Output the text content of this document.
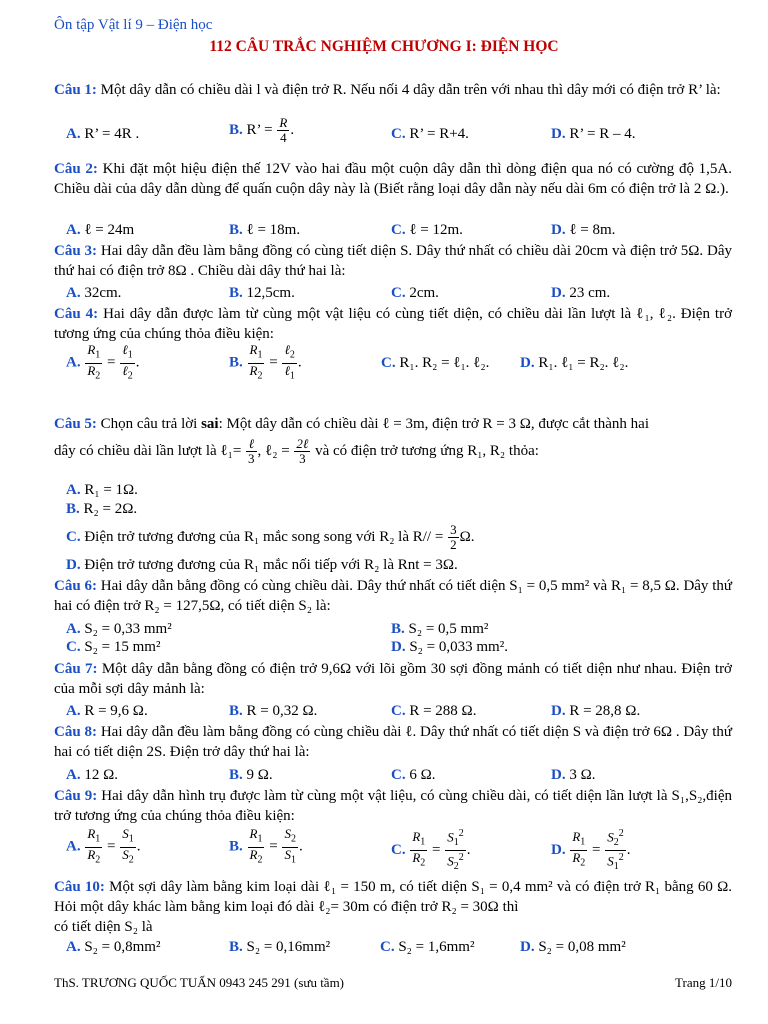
Ôn tập Vật lí 9 – Điện học
112 CÂU TRẮC NGHIỆM CHƯƠNG I: ĐIỆN HỌC
Câu 1: Một dây dẫn có chiều dài l và điện trở R. Nếu nối 4 dây dẫn trên với nhau thì dây mới có điện trở R’ là:
A. R’ = 4R .	B. R’ = $\frac{R}{4}$ .	C. R’ = R+4.	D. R’ = R – 4.
Câu 2: Khi đặt một hiệu điện thế 12V vào hai đầu một cuộn dây dẫn thì dòng điện qua nó có cường độ 1,5A. Chiều dài của dây dẫn dùng để quấn cuộn dây này là (Biết rằng loại dây dẫn này nếu dài 6m có điện trở là 2 Ω.).
A. ℓ = 24m	B. ℓ = 18m.	C. ℓ = 12m.	D. ℓ = 8m.
Câu 3: Hai dây dẫn đều làm bằng đồng có cùng tiết diện S. Dây thứ nhất có chiều dài 20cm và điện trở 5Ω. Dây thứ hai có điện trở 8Ω . Chiều dài dây thứ hai là:
A. 32cm.	B. 12,5cm.	C. 2cm.	D. 23 cm.
Câu 4: Hai dây dẫn được làm từ cùng một vật liệu có cùng tiết diện, có chiều dài lần lượt là ℓ₁, ℓ₂. Điện trở tương ứng của chúng thỏa điều kiện:
A. $\frac{R_1}{R_2} = \frac{\ell_1}{\ell_2}$ .	B. $\frac{R_1}{R_2} = \frac{\ell_2}{\ell_1}$ .	C. R₁. R₂ = ℓ₁. ℓ₂. D. R₁. ℓ₁ = R₂. ℓ₂.
Câu 5: Chọn câu trả lời sai: Một dây dẫn có chiều dài ℓ = 3m, điện trở R = 3 Ω, được cắt thành hai
dây có chiều dài lần lượt là ℓ₁= $\frac{\text{ℓ}}{3}$ , ℓ₂ = $\frac{\text{2ℓ}}{3}$ và có điện trở tương ứng R₁, R₂ thỏa:
A. R₁ = 1Ω.
B. R₂ = 2Ω.
C. Điện trở tương đương của R₁ mắc song song với R₂ là $R// = \frac{3}{2} \Omega$.
D. Điện trở tương đương của R₁ mắc nối tiếp với R₂ là Rnt = 3Ω.
Câu 6: Hai dây dẫn bằng đồng có cùng chiều dài. Dây thứ nhất có tiết diện S₁ = 0,5 mm² và R₁ = 8,5 Ω. Dây thứ hai có điện trở R₂ = 127,5Ω, có tiết diện S₂ là:
A. S₂ = 0,33 mm²	B. S₂ = 0,5 mm²
C. S₂ = 15 mm²	D. S₂ = 0,033 mm².
Câu 7: Một dây dẫn bằng đồng có điện trở 9,6Ω với lõi gồm 30 sợi đồng mảnh có tiết diện như nhau. Điện trở của mỗi sợi dây mảnh là:
A. R = 9,6 Ω.	B. R = 0,32 Ω.	C. R = 288 Ω.	D. R = 28,8 Ω.
Câu 8: Hai dây dẫn đều làm bằng đồng có cùng chiều dài ℓ. Dây thứ nhất có tiết diện S và điện trở 6Ω . Dây thứ hai có tiết diện 2S. Điện trở dây thứ hai là:
A. 12 Ω.	B. 9 Ω.	C. 6 Ω.	D. 3 Ω.
Câu 9: Hai dây dẫn hình trụ được làm từ cùng một vật liệu, có cùng chiều dài, có tiết diện lần lượt là S₁,S₂,điện trở tương ứng của chúng thỏa điều kiện:
A. $\frac{R_1}{R_2} = \frac{S_1}{S_2}$ .	B. $\frac{R_1}{R_2} = \frac{S_2}{S_1}$ .	C. $\frac{R_1}{R_2} = \frac{S_1^2}{S_2^2}$ .	D. $\frac{R_1}{R_2} = \frac{S_2^2}{S_1^2}$ .
Câu 10: Một sợi dây làm bằng kim loại dài ℓ₁ = 150 m, có tiết diện S₁ = 0,4 mm² và có điện trở R₁ bằng 60 Ω. Hỏi một dây khác làm bằng kim loại đó dài ℓ₂= 30m có điện trở R₂ = 30Ω thì
có tiết diện S₂ là
A. S₂ = 0,8mm²	B. S₂ = 0,16mm²	C. S₂ = 1,6mm²	D. S₂ = 0,08 mm²
ThS. TRƯƠNG QUỐC TUẤN 0943 245 291 (sưu tầm)	Trang 1/10
